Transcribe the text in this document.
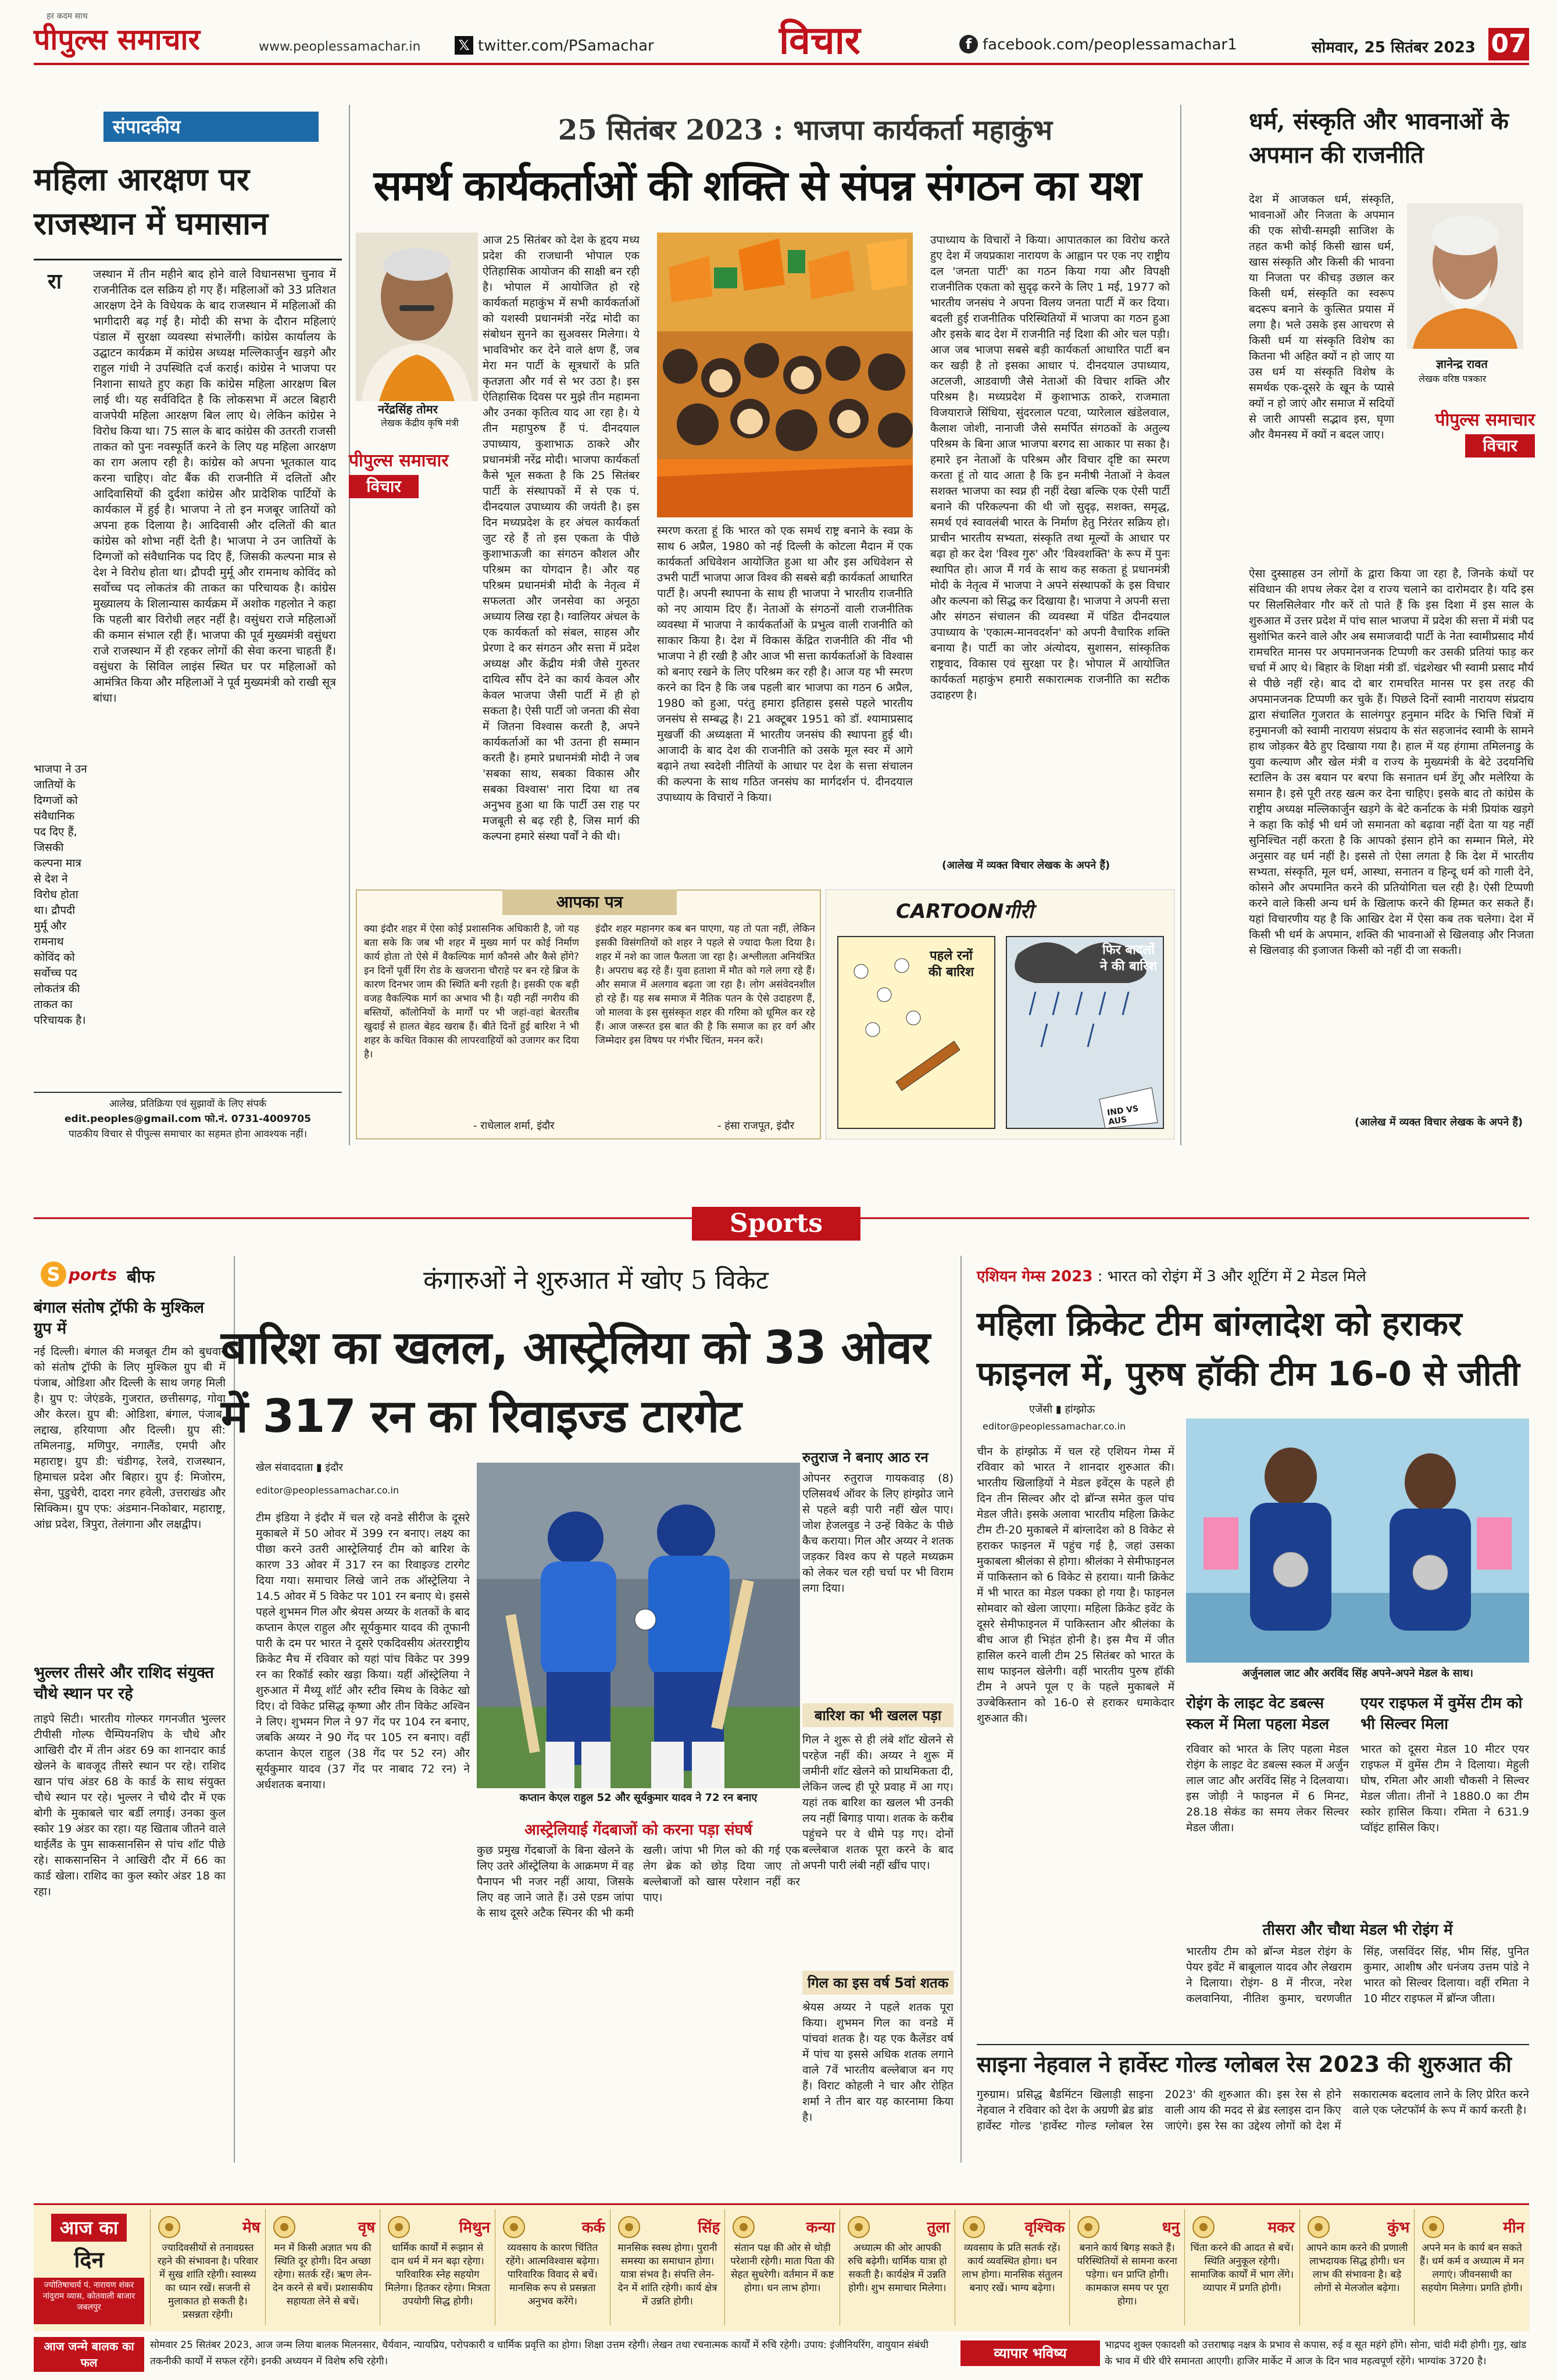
पीपुल्स समाचार
हर कदम साथ
www.peoplessamachar.in	𝕏 twitter.com/PSamachar	विचार	f facebook.com/peoplessamachar1	सोमवार, 25 सितंबर 2023 07
संपादकीय
महिला आरक्षण पर राजस्थान में घमासान
रा	जस्थान में तीन महीने बाद होने वाले विधानसभा चुनाव में राजनीतिक दल सक्रिय हो गए हैं। महिलाओं को 33 प्रतिशत आरक्षण देने के विधेयक के बाद राजस्थान में महिलाओं की भागीदारी बढ़ गई है। मोदी की सभा के दौरान महिलाएं पंडाल में सुरक्षा व्यवस्था संभालेंगी। कांग्रेस कार्यालय के उद्घाटन कार्यक्रम में कांग्रेस अध्यक्ष मल्लिकार्जुन खड़गे और राहुल गांधी ने उपस्थिति दर्ज कराई। कांग्रेस ने भाजपा पर निशाना साधते हुए कहा कि कांग्रेस महिला आरक्षण बिल लाई थी। यह सर्वविदित है कि लोकसभा में अटल बिहारी वाजपेयी महिला आरक्षण बिल लाए थे। लेकिन कांग्रेस ने विरोध किया था। 75 साल के बाद कांग्रेस की उतरती राजसी ताकत को पुनः नवस्फूर्ति करने के लिए यह महिला आरक्षण का राग अलाप रही है। कांग्रेस को अपना भूतकाल याद करना चाहिए। वोट बैंक की राजनीति में दलितों और आदिवासियों की दुर्दशा कांग्रेस और प्रादेशिक पार्टियों के कार्यकाल में हुई है। भाजपा ने तो इन मजबूर जातियों को अपना हक दिलाया है। आदिवासी और दलितों की बात कांग्रेस को शोभा नहीं देती है। भाजपा ने उन जातियों के दिग्गजों को संवैधानिक पद दिए हैं, जिसकी कल्पना मात्र से देश ने विरोध होता था। द्रौपदी मुर्मू और रामनाथ कोविंद को सर्वोच्च पद लोकतंत्र की ताकत का परिचायक है। कांग्रेस मुख्यालय के शिलान्यास कार्यक्रम में अशोक गहलोत ने कहा कि पहली बार विरोधी लहर नहीं है। वसुंधरा राजे महिलाओं की कमान संभाल रही हैं। भाजपा की पूर्व मुख्यमंत्री वसुंधरा राजे राजस्थान में ही रहकर लोगों की सेवा करना चाहती हैं। वसुंधरा के सिविल लाइंस स्थित घर पर महिलाओं को आमंत्रित किया और महिलाओं ने पूर्व मुख्यमंत्री को राखी सूत्र बांधा।
भाजपा ने उन जातियों के दिग्गजों को संवैधानिक पद दिए हैं, जिसकी कल्पना मात्र से देश ने विरोध होता था। द्रौपदी मुर्मू और रामनाथ कोविंद को सर्वोच्च पद लोकतंत्र की ताकत का परिचायक है।
आलेख, प्रतिक्रिया एवं सुझावों के लिए संपर्क
edit.peoples@gmail.com फो.नं. 0731-4009705
पाठकीय विचार से पीपुल्स समाचार का सहमत होना आवश्यक नहीं।
25 सितंबर 2023 : भाजपा कार्यकर्ता महाकुंभ
समर्थ कार्यकर्ताओं की शक्ति से संपन्न संगठन का यश
नरेंद्रसिंह तोमर
लेखक केंद्रीय कृषि मंत्री
पीपुल्स समाचार
विचार
आज 25 सितंबर को देश के हृदय मध्य प्रदेश की राजधानी भोपाल एक ऐतिहासिक आयोजन की साक्षी बन रही है। भोपाल में आयोजित हो रहे कार्यकर्ता महाकुंभ में सभी कार्यकर्ताओं को यशस्वी प्रधानमंत्री नरेंद्र मोदी का संबोधन सुनने का सुअवसर मिलेगा। ये भावविभोर कर देने वाले क्षण हैं, जब मेरा मन पार्टी के सूत्रधारों के प्रति कृतज्ञता और गर्व से भर उठा है। इस ऐतिहासिक दिवस पर मुझे तीन महामना और उनका कृतित्व याद आ रहा है। ये तीन महापुरुष हैं पं. दीनदयाल उपाध्याय, कुशाभाऊ ठाकरे और प्रधानमंत्री नरेंद्र मोदी। भाजपा कार्यकर्ता कैसे भूल सकता है कि 25 सितंबर पार्टी के संस्थापकों में से एक पं. दीनदयाल उपाध्याय की जयंती है। इस दिन मध्यप्रदेश के हर अंचल कार्यकर्ता जुट रहे हैं तो इस एकता के पीछे कुशाभाऊजी का संगठन कौशल और परिश्रम का योगदान है। और यह परिश्रम प्रधानमंत्री मोदी के नेतृत्व में सफलता और जनसेवा का अनूठा अध्याय लिख रहा है। ग्वालियर अंचल के एक कार्यकर्ता को संबल, साहस और प्रेरणा दे कर संगठन और सत्ता में प्रदेश अध्यक्ष और केंद्रीय मंत्री जैसे गुरुतर दायित्व सौंप देने का कार्य केवल और केवल भाजपा जैसी पार्टी में ही हो सकता है। ऐसी पार्टी जो जनता की सेवा में जितना विश्वास करती है, अपने कार्यकर्ताओं का भी उतना ही सम्मान करती है। हमारे प्रधानमंत्री मोदी ने जब 'सबका साथ, सबका विकास और सबका विश्वास' नारा दिया था तब अनुभव हुआ था कि पार्टी उस राह पर मजबूती से बढ़ रही है, जिस मार्ग की कल्पना हमारे संस्था पर्वों ने की थी।
स्मरण करता हूं कि भारत को एक समर्थ राष्ट्र बनाने के स्वप्न के साथ 6 अप्रैल, 1980 को नई दिल्ली के कोटला मैदान में एक कार्यकर्ता अधिवेशन आयोजित हुआ था और इस अधिवेशन से उभरी पार्टी भाजपा आज विश्व की सबसे बड़ी कार्यकर्ता आधारित पार्टी है। अपनी स्थापना के साथ ही भाजपा ने भारतीय राजनीति को नए आयाम दिए हैं। नेताओं के संगठनों वाली राजनीतिक व्यवस्था में भाजपा ने कार्यकर्ताओं के प्रभुत्व वाली राजनीति को साकार किया है। देश में विकास केंद्रित राजनीति की नींव भी भाजपा ने ही रखी है और आज भी सत्ता कार्यकर्ताओं के विश्वास को बनाए रखने के लिए परिश्रम कर रही है। आज यह भी स्मरण करने का दिन है कि जब पहली बार भाजपा का गठन 6 अप्रैल, 1980 को हुआ, परंतु हमारा इतिहास इससे पहले भारतीय जनसंघ से सम्बद्ध है। 21 अक्टूबर 1951 को डॉ. श्यामाप्रसाद मुखर्जी की अध्यक्षता में भारतीय जनसंघ की स्थापना हुई थी। आजादी के बाद देश की राजनीति को उसके मूल स्वर में आगे बढ़ाने तथा स्वदेशी नीतियों के आधार पर देश के सत्ता संचालन की कल्पना के साथ गठित जनसंघ का मार्गदर्शन पं. दीनदयाल उपाध्याय के विचारों ने किया।
उपाध्याय के विचारों ने किया। आपातकाल का विरोध करते हुए देश में जयप्रकाश नारायण के आह्वान पर एक नए राष्ट्रीय दल 'जनता पार्टी' का गठन किया गया और विपक्षी राजनीतिक एकता को सुदृढ़ करने के लिए 1 मई, 1977 को भारतीय जनसंघ ने अपना विलय जनता पार्टी में कर दिया। बदली हुई राजनीतिक परिस्थितियों में भाजपा का गठन हुआ और इसके बाद देश में राजनीति नई दिशा की ओर चल पड़ी। आज जब भाजपा सबसे बड़ी कार्यकर्ता आधारित पार्टी बन कर खड़ी है तो इसका आधार पं. दीनदयाल उपाध्याय, अटलजी, आडवाणी जैसे नेताओं की विचार शक्ति और परिश्रम है। मध्यप्रदेश में कुशाभाऊ ठाकरे, राजमाता विजयाराजे सिंधिया, सुंदरलाल पटवा, प्यारेलाल खंडेलवाल, कैलाश जोशी, नानाजी जैसे समर्पित संगठकों के अतुल्य परिश्रम के बिना आज भाजपा बरगद सा आकार पा सका है। हमारे इन नेताओं के परिश्रम और विचार दृष्टि का स्मरण करता हूं तो याद आता है कि इन मनीषी नेताओं ने केवल सशक्त भाजपा का स्वप्न ही नहीं देखा बल्कि एक ऐसी पार्टी बनाने की परिकल्पना की थी जो सुदृढ़, सशक्त, समृद्ध, समर्थ एवं स्वावलंबी भारत के निर्माण हेतु निरंतर सक्रिय हो। प्राचीन भारतीय सभ्यता, संस्कृति तथा मूल्यों के आधार पर बढ़ा हो कर देश 'विश्व गुरु' और 'विश्वशक्ति' के रूप में पुनः स्थापित हो। आज मैं गर्व के साथ कह सकता हूं प्रधानमंत्री मोदी के नेतृत्व में भाजपा ने अपने संस्थापकों के इस विचार और कल्पना को सिद्ध कर दिखाया है। भाजपा ने अपनी सत्ता और संगठन संचालन की व्यवस्था में पंडित दीनदयाल उपाध्याय के 'एकात्म-मानवदर्शन' को अपनी वैचारिक शक्ति बनाया है। पार्टी का जोर अंत्योदय, सुशासन, सांस्कृतिक राष्ट्रवाद, विकास एवं सुरक्षा पर है। भोपाल में आयोजित कार्यकर्ता महाकुंभ हमारी सकारात्मक राजनीति का सटीक उदाहरण है।
(आलेख में व्यक्त विचार लेखक के अपने हैं)
धर्म, संस्कृति और भावनाओं के अपमान की राजनीति
देश में आजकल धर्म, संस्कृति, भावनाओं और निजता के अपमान की एक सोची-समझी साजिश के तहत कभी कोई किसी खास धर्म, खास संस्कृति और किसी की भावना या निजता पर कीचड़ उछाल कर किसी धर्म, संस्कृति का स्वरूप बदरूप बनाने के कुत्सित प्रयास में लगा है। भले उसके इस आचरण से किसी धर्म या संस्कृति विशेष का कितना भी अहित क्यों न हो जाए या उस धर्म या संस्कृति विशेष के समर्थक एक-दूसरे के खून के प्यासे क्यों न हो जाएं और समाज में सदियों से जारी आपसी सद्भाव इस, घृणा और वैमनस्य में क्यों न बदल जाए।
ज्ञानेन्द्र रावत
लेखक वरिष्ठ पत्रकार
पीपुल्स समाचार
विचार
ऐसा दुस्साहस उन लोगों के द्वारा किया जा रहा है, जिनके कंधों पर संविधान की शपथ लेकर देश व राज्य चलाने का दारोमदार है। यदि इस पर सिलसिलेवार गौर करें तो पाते हैं कि इस दिशा में इस साल के शुरुआत में उत्तर प्रदेश में पांच साल भाजपा में प्रदेश की सत्ता में मंत्री पद सुशोभित करने वाले और अब समाजवादी पार्टी के नेता स्वामीप्रसाद मौर्य रामचरित मानस पर अपमानजनक टिप्पणी कर उसकी प्रतियां फाड़ कर चर्चा में आए थे। बिहार के शिक्षा मंत्री डॉ. चंद्रशेखर भी स्वामी प्रसाद मौर्य से पीछे नहीं रहे। बाद दो बार रामचरित मानस पर इस तरह की अपमानजनक टिप्पणी कर चुके हैं। पिछले दिनों स्वामी नारायण संप्रदाय द्वारा संचालित गुजरात के सालंगपुर हनुमान मंदिर के भित्ति चित्रों में हनुमानजी को स्वामी नारायण संप्रदाय के संत सहजानंद स्वामी के सामने हाथ जोड़कर बैठे हुए दिखाया गया है। हाल में यह हंगामा तमिलनाडु के युवा कल्याण और खेल मंत्री व राज्य के मुख्यमंत्री के बेटे उदयनिधि स्टालिन के उस बयान पर बरपा कि सनातन धर्म डेंगू और मलेरिया के समान है। इसे पूरी तरह खत्म कर देना चाहिए। इसके बाद तो कांग्रेस के राष्ट्रीय अध्यक्ष मल्लिकार्जुन खड़गे के बेटे कर्नाटक के मंत्री प्रियांक खड़गे ने कहा कि कोई भी धर्म जो समानता को बढ़ावा नहीं देता या यह नहीं सुनिश्चित नहीं करता है कि आपको इंसान होने का सम्मान मिले, मेरे अनुसार वह धर्म नहीं है। इससे तो ऐसा लगता है कि देश में भारतीय सभ्यता, संस्कृति, मूल धर्म, आस्था, सनातन व हिन्दू धर्म को गाली देने, कोसने और अपमानित करने की प्रतियोगिता चल रही है। ऐसी टिप्पणी करने वाले किसी अन्य धर्म के खिलाफ करने की हिम्मत कर सकते हैं। यहां विचारणीय यह है कि आखिर देश में ऐसा कब तक चलेगा। देश में किसी भी धर्म के अपमान, शक्ति की भावनाओं से खिलवाड़ और निजता से खिलवाड़ की इजाजत किसी को नहीं दी जा सकती।
(आलेख में व्यक्त विचार लेखक के अपने हैं)
आपका पत्र
क्या इंदौर शहर में ऐसा कोई प्रशासनिक अधिकारी है, जो यह बता सके कि जब भी शहर में मुख्य मार्ग पर कोई निर्माण कार्य होता तो ऐसे में वैकल्पिक मार्ग कौनसे और कैसे होंगे? इन दिनों पूर्वी रिंग रोड के खजराना चौराहे पर बन रहे ब्रिज के कारण दिनभर जाम की स्थिति बनी रहती है। इसकी एक बड़ी वजह वैकल्पिक मार्ग का अभाव भी है। यही नहीं नगरीय की बस्तियों, कॉलोनियों के मार्गों पर भी जहां-वहां बेतरतीब खुदाई से हालत बेहद खराब हैं। बीते दिनों हुई बारिश ने भी शहर के कथित विकास की लापरवाहियों को उजागर कर दिया है।
- राधेलाल शर्मा, इंदौर
इंदौर शहर महानगर कब बन पाएगा, यह तो पता नहीं, लेकिन इसकी विसंगतियों को शहर ने पहले से ज्यादा फैला दिया है। शहर में नशे का जाल फैलता जा रहा है। अश्लीलता अनियंत्रित है। अपराध बढ़ रहे हैं। युवा हताशा में मौत को गले लगा रहे हैं। और समाज में अलगाव बढ़ता जा रहा है। लोग असंवेदनशील हो रहे हैं। यह सब समाज में नैतिक पतन के ऐसे उदाहरण हैं, जो मालवा के इस सुसंस्कृत शहर की गरिमा को धूमिल कर रहे हैं। आज जरूरत इस बात की है कि समाज का हर वर्ग और जिम्मेदार इस विषय पर गंभीर चिंतन, मनन करें।
- हंसा राजपूत, इंदौर
CARTOONगीरी
पहले रनों की बारिश
फिर बादलों ने की बारिश
IND VS AUS
Sports
S ports बीफ
बंगाल संतोष ट्रॉफी के मुश्किल ग्रुप में
नई दिल्ली। बंगाल की मजबूत टीम को बुधवार को संतोष ट्रॉफी के लिए मुश्किल ग्रुप बी में पंजाब, ओडिशा और दिल्ली के साथ जगह मिली है। ग्रुप ए: जेएंडके, गुजरात, छत्तीसगढ़, गोवा और केरल। ग्रुप बी: ओडिशा, बंगाल, पंजाब, लद्दाख, हरियाणा और दिल्ली। ग्रुप सी: तमिलनाडु, मणिपुर, नगालैंड, एमपी और महाराष्ट्र। ग्रुप डी: चंडीगढ़, रेलवे, राजस्थान, हिमाचल प्रदेश और बिहार। ग्रुप ई: मिजोरम, सेना, पुडुचेरी, दादरा नगर हवेली, उत्तराखंड और सिक्किम। ग्रुप एफ: अंडमान-निकोबार, महाराष्ट्र, आंध्र प्रदेश, त्रिपुरा, तेलंगाना और लक्षद्वीप।
भुल्लर तीसरे और राशिद संयुक्त चौथे स्थान पर रहे
ताइपे सिटी। भारतीय गोल्फर गगनजीत भुल्लर टीपीसी गोल्फ चैम्पियनशिप के चौथे और आखिरी दौर में तीन अंडर 69 का शानदार कार्ड खेलने के बावजूद तीसरे स्थान पर रहे। राशिद खान पांच अंडर 68 के कार्ड के साथ संयुक्त चौथे स्थान पर रहे। भुल्लर ने चौथे दौर में एक बोगी के मुकाबले चार बर्डी लगाई। उनका कुल स्कोर 19 अंडर का रहा। यह खिताब जीतने वाले थाईलैंड के पुम साकसानसिन से पांच शॉट पीछे रहे। साकसानसिन ने आखिरी दौर में 66 का कार्ड खेला। राशिद का कुल स्कोर अंडर 18 का रहा।
कंगारुओं ने शुरुआत में खोए 5 विकेट
बारिश का खलल, आस्ट्रेलिया को 33 ओवर में 317 रन का रिवाइज्ड टारगेट
खेल संवाददाता ▮ इंदौर
editor@peoplessamachar.co.in
टीम इंडिया ने इंदौर में चल रहे वनडे सीरीज के दूसरे मुकाबले में 50 ओवर में 399 रन बनाए। लक्ष्य का पीछा करने उतरी आस्ट्रेलियाई टीम को बारिश के कारण 33 ओवर में 317 रन का रिवाइज्ड टारगेट दिया गया। समाचार लिखे जाने तक ऑस्ट्रेलिया ने 14.5 ओवर में 5 विकेट पर 101 रन बनाए थे। इससे पहले शुभमन गिल और श्रेयस अय्यर के शतकों के बाद कप्तान केएल राहुल और सूर्यकुमार यादव की तूफानी पारी के दम पर भारत ने दूसरे एकदिवसीय अंतरराष्ट्रीय क्रिकेट मैच में रविवार को यहां पांच विकेट पर 399 रन का रिकॉर्ड स्कोर खड़ा किया। यहीं ऑस्ट्रेलिया ने शुरुआत में मैथ्यू शॉर्ट और स्टीव स्मिथ के विकेट खो दिए। दो विकेट प्रसिद्ध कृष्णा और तीन विकेट अश्विन ने लिए। शुभमन गिल ने 97 गेंद पर 104 रन बनाए, जबकि अय्यर ने 90 गेंद पर 105 रन बनाए। वहीं कप्तान केएल राहुल (38 गेंद पर 52 रन) और सूर्यकुमार यादव (37 गेंद पर नाबाद 72 रन) ने अर्धशतक बनाया।
कप्तान केएल राहुल 52 और सूर्यकुमार यादव ने 72 रन बनाए
आस्ट्रेलियाई गेंदबाजों को करना पड़ा संघर्ष
कुछ प्रमुख गेंदबाजों के बिना खेलने के लिए उतरे ऑस्ट्रेलिया के आक्रमण में वह पैनापन भी नजर नहीं आया, जिसके लिए वह जाने जाते हैं। उसे एडम जांपा के साथ दूसरे अटैक स्पिनर की भी कमी खली। जांपा भी गिल को की गई एक लेग ब्रेक को छोड़ दिया जाए तो बल्लेबाजों को खास परेशान नहीं कर पाए।
रुतुराज ने बनाए आठ रन
ओपनर रुतुराज गायकवाड़ (8) एलिसवर्थ ऑवर के लिए हांग्झोउ जाने से पहले बड़ी पारी नहीं खेल पाए। जोश हेजलवुड ने उन्हें विकेट के पीछे कैच कराया। गिल और अय्यर ने शतक जड़कर विश्व कप से पहले मध्यक्रम को लेकर चल रही चर्चा पर भी विराम लगा दिया।
बारिश का भी खलल पड़ा
गिल ने शुरू से ही लंबे शॉट खेलने से परहेज नहीं की। अय्यर ने शुरू में जमीनी शॉट खेलने को प्राथमिकता दी, लेकिन जल्द ही पूरे प्रवाह में आ गए। यहां तक बारिश का खलल भी उनकी लय नहीं बिगाड़ पाया। शतक के करीब पहुंचने पर वे धीमे पड़ गए। दोनों बल्लेबाज शतक पूरा करने के बाद अपनी पारी लंबी नहीं खींच पाए।
गिल का इस वर्ष 5वां शतक
श्रेयस अय्यर ने पहले शतक पूरा किया। शुभमन गिल का वनडे में पांचवां शतक है। यह एक कैलेंडर वर्ष में पांच या इससे अधिक शतक लगाने वाले 7वें भारतीय बल्लेबाज बन गए हैं। विराट कोहली ने चार और रोहित शर्मा ने तीन बार यह कारनामा किया है।
एशियन गेम्स 2023 : भारत को रोइंग में 3 और शूटिंग में 2 मेडल मिले
महिला क्रिकेट टीम बांग्लादेश को हराकर फाइनल में, पुरुष हॉकी टीम 16-0 से जीती
एजेंसी ▮ हांग्झोऊ
editor@peoplessamachar.co.in
चीन के हांग्झोऊ में चल रहे एशियन गेम्स में रविवार को भारत ने शानदार शुरुआत की। भारतीय खिलाड़ियों ने मेडल इवेंट्स के पहले ही दिन तीन सिल्वर और दो ब्रॉन्ज समेत कुल पांच मेडल जीते। इसके अलावा भारतीय महिला क्रिकेट टीम टी-20 मुकाबले में बांग्लादेश को 8 विकेट से हराकर फाइनल में पहुंच गई है, जहां उसका मुकाबला श्रीलंका से होगा। श्रीलंका ने सेमीफाइनल में पाकिस्तान को 6 विकेट से हराया। यानी क्रिकेट में भी भारत का मेडल पक्का हो गया है। फाइनल सोमवार को खेला जाएगा। महिला क्रिकेट इवेंट के दूसरे सेमीफाइनल में पाकिस्तान और श्रीलंका के बीच आज ही भिड़ंत होनी है। इस मैच में जीत हासिल करने वाली टीम 25 सितंबर को भारत के साथ फाइनल खेलेगी। वहीं भारतीय पुरुष हॉकी टीम ने अपने पूल ए के पहले मुकाबले में उज्बेकिस्तान को 16-0 से हराकर धमाकेदार शुरुआत की।
अर्जुनलाल जाट और अरविंद सिंह अपने-अपने मेडल के साथ।
रोइंग के लाइट वेट डबल्स स्कल में मिला पहला मेडल
रविवार को भारत के लिए पहला मेडल रोइंग के लाइट वेट डबल्स स्कल में अर्जुन लाल जाट और अरविंद सिंह ने दिलवाया। इस जोड़ी ने फाइनल में 6 मिनट, 28.18 सेकंड का समय लेकर सिल्वर मेडल जीता।
एयर राइफल में वुमेंस टीम को भी सिल्वर मिला
भारत को दूसरा मेडल 10 मीटर एयर राइफल में वुमेंस टीम ने दिलाया। मेहुली घोष, रमिता और आशी चौकसी ने सिल्वर मेडल जीता। तीनों ने 1880.0 का टीम स्कोर हासिल किया। रमिता ने 631.9 प्वॉइंट हासिल किए।
तीसरा और चौथा मेडल भी रोइंग में
भारतीय टीम को ब्रॉन्ज मेडल रोइंग के पेयर इवेंट में बाबूलाल यादव और लेखराम ने दिलाया। रोइंग- 8 में नीरज, नरेश कलवानिया, नीतिश कुमार, चरणजीत सिंह, जसविंदर सिंह, भीम सिंह, पुनित कुमार, आशीष और धनंजय उत्तम पांडे ने भारत को सिल्वर दिलाया। वहीं रमिता ने 10 मीटर राइफल में ब्रॉन्ज जीता।
साइना नेहवाल ने हार्वेस्ट गोल्ड ग्लोबल रेस 2023 की शुरुआत की
गुरुग्राम। प्रसिद्ध बैडमिंटन खिलाड़ी साइना नेहवाल ने रविवार को देश के अग्रणी ब्रेड ब्रांड हार्वेस्ट गोल्ड 'हार्वेस्ट गोल्ड ग्लोबल रेस 2023' की शुरुआत की। इस रेस से होने वाली आय की मदद से ब्रेड स्लाइस दान किए जाएंगे। इस रेस का उद्देश्य लोगों को देश में सकारात्मक बदलाव लाने के लिए प्रेरित करने वाले एक प्लेटफॉर्म के रूप में कार्य करती है।
आज का
दिन
ज्योतिषाचार्य पं. नारायण शंकर नांदुराम व्यास, कोतवाली बाजार जबलपुर
मेष
ज्यादिवसीयों से तनावग्रस्त रहने की संभावना है। परिवार में सुख शांति रहेगी। स्वास्थ्य का ध्यान रखें। सजनी से मुलाकात हो सकती है। प्रसन्नता रहेगी।
वृष
मन में किसी अज्ञात भय की स्थिति दूर होगी। दिन अच्छा रहेगा। सतर्क रहें। ऋण लेन-देन करने से बचें। प्रशासकीय सहायता लेने से बचें।
मिथुन
धार्मिक कार्यों में रूझान से दान धर्म में मन बढ़ा रहेगा। पारिवारिक स्नेह सहयोग मिलेगा। हितकर रहेगा। मित्रता उपयोगी सिद्ध होगी।
कर्क
व्यवसाय के कारण चिंतित रहेंगे। आत्मविश्वास बढ़ेगा। पारिवारिक विवाद से बचें। मानसिक रूप से प्रसन्नता अनुभव करेंगे।
सिंह
मानसिक स्वस्थ होगा। पुरानी समस्या का समाधान होगा। यात्रा संभव है। संपत्ति लेन-देन में शांति रहेगी। कार्य क्षेत्र में उन्नति होगी।
कन्या
संतान पक्ष की ओर से थोड़ी परेशानी रहेगी। माता पिता की सेहत सुधरेगी। वर्तमान में कष्ट होगा। धन लाभ होगा।
तुला
अध्यात्म की ओर आपकी रुचि बढ़ेगी। धार्मिक यात्रा हो सकती है। कार्यक्षेत्र में उन्नति होगी। शुभ समाचार मिलेगा।
वृश्चिक
व्यवसाय के प्रति सतर्क रहें। कार्य व्यवस्थित होगा। धन लाभ होगा। मानसिक संतुलन बनाए रखें। भाग्य बढ़ेगा।
धनु
बनाने कार्य बिगड़ सकते हैं। परिस्थितियों से सामना करना पड़ेगा। धन प्राप्ति होगी। कामकाज समय पर पूरा होगा।
मकर
चिंता करने की आदत से बचें। स्थिति अनुकूल रहेगी। सामाजिक कार्यों में भाग लेंगे। व्यापार में प्रगति होगी।
कुंभ
आपने काम करने की प्रणाली लाभदायक सिद्ध होगी। धन लाभ की संभावना है। बड़े लोगों से मेलजोल बढ़ेगा।
मीन
अपने मन के कार्य बन सकते हैं। धर्म कर्म व अध्यात्म में मन लगाएं। जीवनसाथी का सहयोग मिलेगा। प्रगति होगी।
आज जन्मे बालक का फल
सोमवार 25 सितंबर 2023, आज जन्म लिया बालक मिलनसार, धैर्यवान, न्यायप्रिय, परोपकारी व धार्मिक प्रवृत्ति का होगा। शिक्षा उत्तम रहेगी। लेखन तथा रचनात्मक कार्यों में रुचि रहेगी। उपाय: इंजीनियरिंग, वायुयान संबंधी तकनीकी कार्यों में सफल रहेंगे। इनकी अध्ययन में विशेष रुचि रहेगी।	व्यापार भविष्य	भाद्रपद शुक्ल एकादशी को उत्तराषाढ़ नक्षत्र के प्रभाव से कपास, रुई व सूत महंगे होंगे। सोना, चांदी मंदी होगी। गुड़, खांड के भाव में धीरे धीरे समानता आएगी। हाजिर मार्केट में आज के दिन भाव महत्वपूर्ण रहेंगे। भाग्यांक 3720 है।
